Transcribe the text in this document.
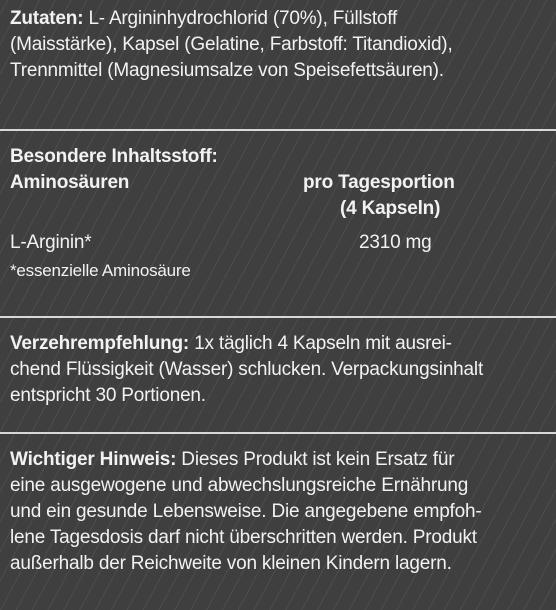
Zutaten: L- Argininhydrochlorid (70%), Füllstoff
(Maisstärke), Kapsel (Gelatine, Farbstoff: Titandioxid),
Trennmittel (Magnesiumsalze von Speisefettsäuren).
Besondere Inhaltsstoff:
Aminosäuren	pro Tagesportion
(4 Kapseln)
L-Arginin*	2310 mg
*essenzielle Aminosäure
Verzehrempfehlung: 1x täglich 4 Kapseln mit ausrei-
chend Flüssigkeit (Wasser) schlucken. Verpackungsinhalt
entspricht 30 Portionen.
Wichtiger Hinweis: Dieses Produkt ist kein Ersatz für
eine ausgewogene und abwechslungsreiche Ernährung
und ein gesunde Lebensweise. Die angegebene empfoh-
lene Tagesdosis darf nicht überschritten werden. Produkt
außerhalb der Reichweite von kleinen Kindern lagern.
